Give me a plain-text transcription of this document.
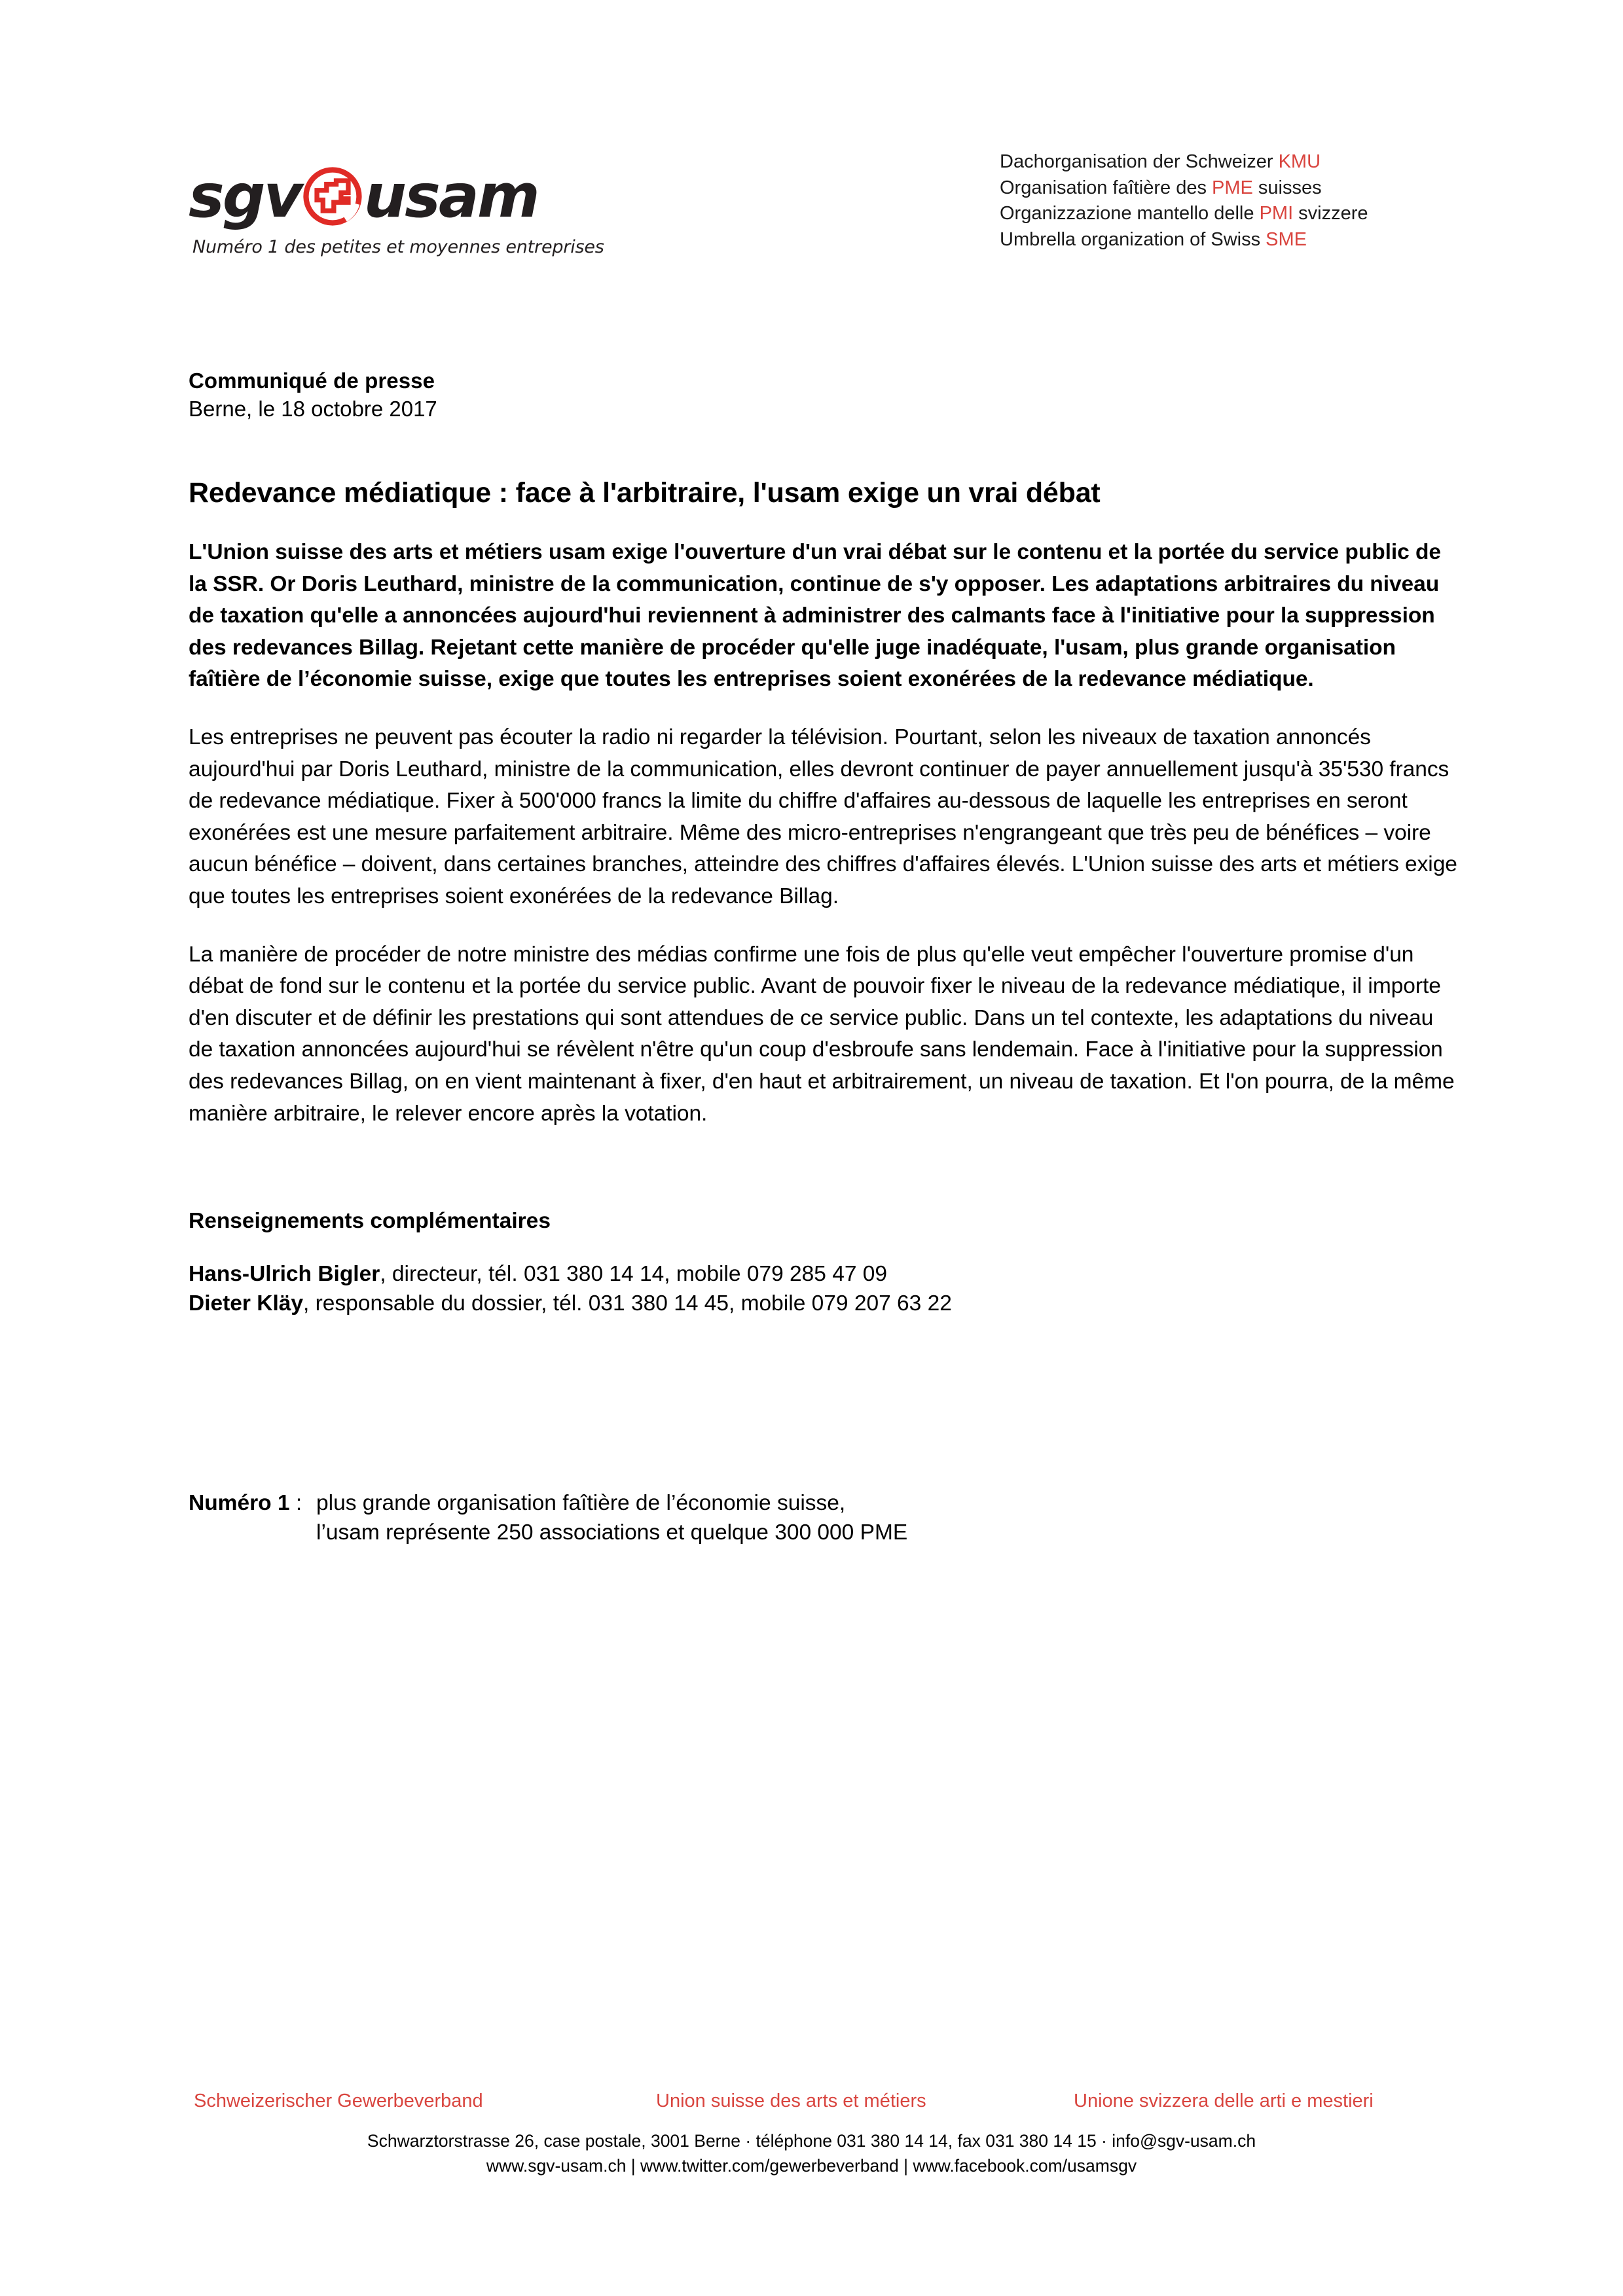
sgv usam
Numéro 1 des petites et moyennes entreprises
Dachorganisation der Schweizer KMU
Organisation faîtière des PME suisses
Organizzazione mantello delle PMI svizzere
Umbrella organization of Swiss SME
Communiqué de presse
Berne, le 18 octobre 2017
Redevance médiatique : face à l'arbitraire, l'usam exige un vrai débat

L'Union suisse des arts et métiers usam exige l'ouverture d'un vrai débat sur le contenu et la portée du service public de la SSR. Or Doris Leuthard, ministre de la communication, continue de s'y opposer. Les adaptations arbitraires du niveau de taxation qu'elle a annoncées aujourd'hui reviennent à administrer des calmants face à l'initiative pour la suppression des redevances Billag. Rejetant cette manière de procéder qu'elle juge inadéquate, l'usam, plus grande organisation faîtière de l’économie suisse, exige que toutes les entreprises soient exonérées de la redevance médiatique.

Les entreprises ne peuvent pas écouter la radio ni regarder la télévision. Pourtant, selon les niveaux de taxation annoncés aujourd'hui par Doris Leuthard, ministre de la communication, elles devront continuer de payer annuellement jusqu'à 35'530 francs de redevance médiatique. Fixer à 500'000 francs la limite du chiffre d'affaires au-dessous de laquelle les entreprises en seront exonérées est une mesure parfaitement arbitraire. Même des micro-entreprises n'engrangeant que très peu de bénéfices – voire aucun bénéfice – doivent, dans certaines branches, atteindre des chiffres d'affaires élevés. L'Union suisse des arts et métiers exige que toutes les entreprises soient exonérées de la redevance Billag.

La manière de procéder de notre ministre des médias confirme une fois de plus qu'elle veut empêcher l'ouverture promise d'un débat de fond sur le contenu et la portée du service public. Avant de pouvoir fixer le niveau de la redevance médiatique, il importe d'en discuter et de définir les prestations qui sont attendues de ce service public. Dans un tel contexte, les adaptations du niveau de taxation annoncées aujourd'hui se révèlent n'être qu'un coup d'esbroufe sans lendemain. Face à l'initiative pour la suppression des redevances Billag, on en vient maintenant à fixer, d'en haut et arbitrairement, un niveau de taxation. Et l'on pourra, de la même manière arbitraire, le relever encore après la votation.

Renseignements complémentaires
Hans-Ulrich Bigler, directeur, tél. 031 380 14 14, mobile 079 285 47 09
Dieter Kläy, responsable du dossier, tél. 031 380 14 45, mobile 079 207 63 22
Numéro 1 : plus grande organisation faîtière de l’économie suisse,
l’usam représente 250 associations et quelque 300 000 PME
Schweizerischer Gewerbeverband	Union suisse des arts et métiers	Unione svizzera delle arti e mestieri
Schwarztorstrasse 26, case postale, 3001 Berne · téléphone 031 380 14 14, fax 031 380 14 15 · info@sgv-usam.ch
www.sgv-usam.ch | www.twitter.com/gewerbeverband | www.facebook.com/usamsgv
